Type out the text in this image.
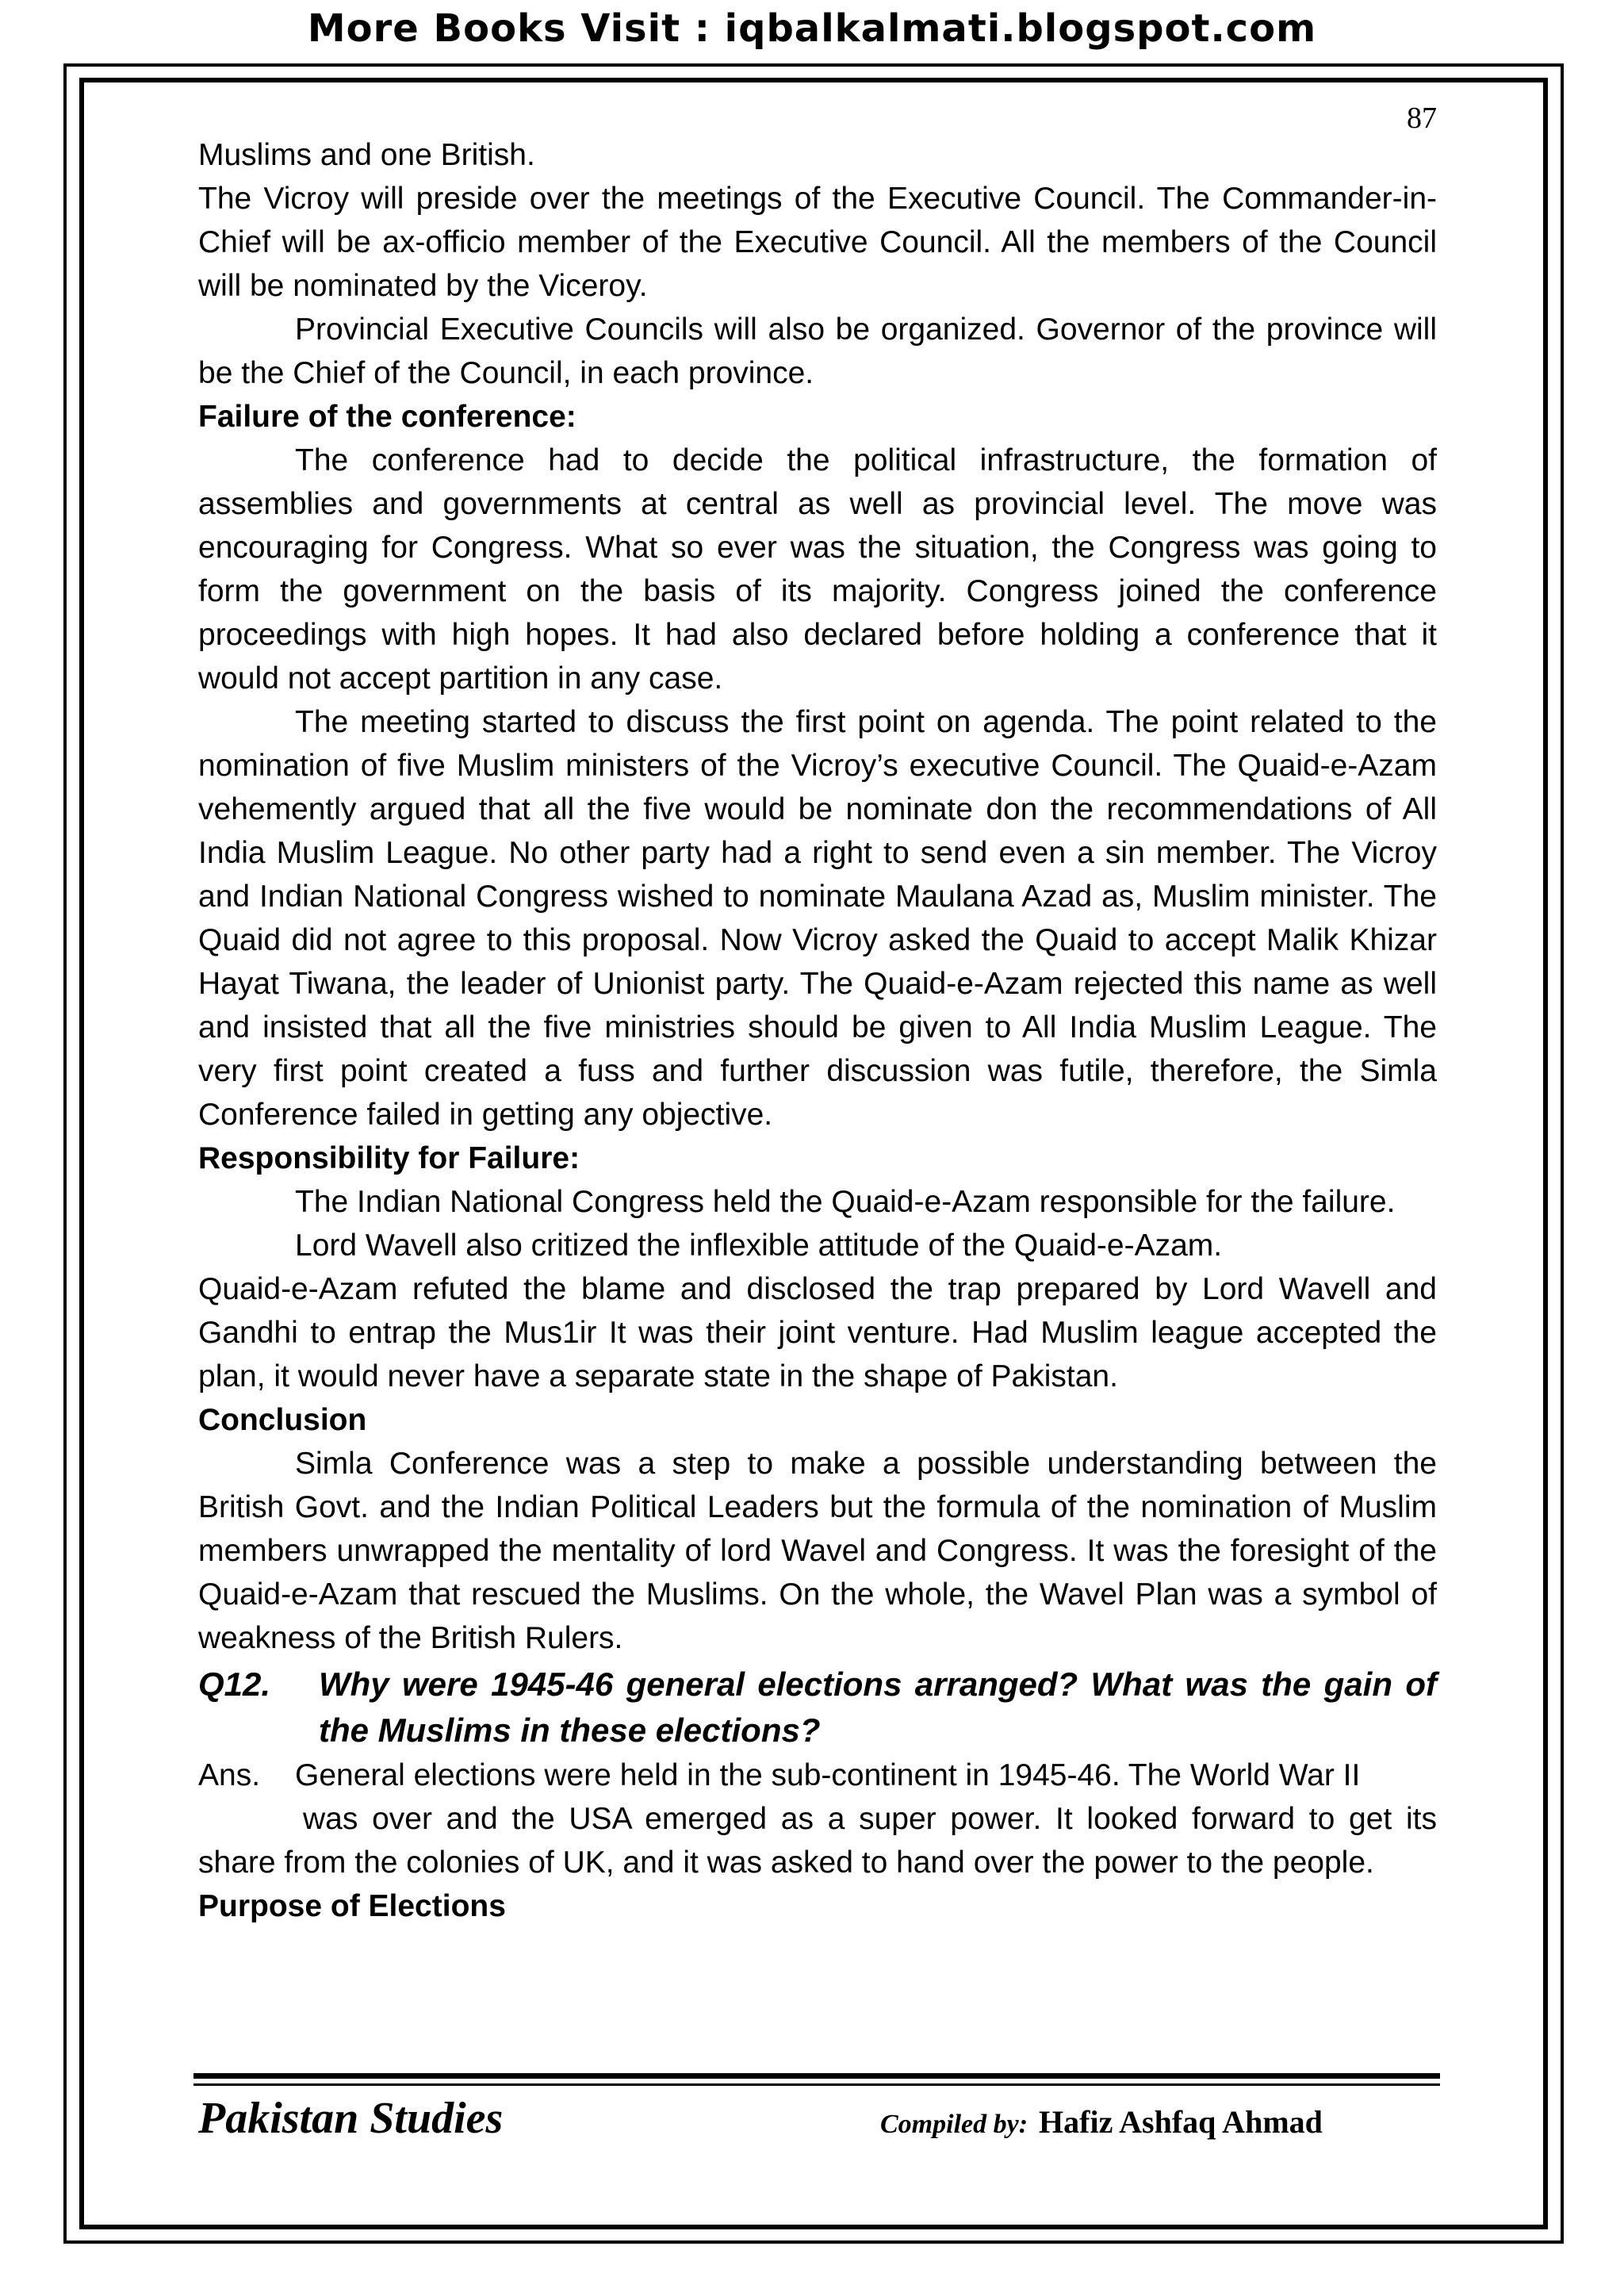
More Books Visit : iqbalkalmati.blogspot.com
87

Muslims and one British.

The Vicroy will preside over the meetings of the Executive Council. The Commander-in-Chief will be ax-officio member of the Executive Council. All the members of the Council will be nominated by the Viceroy.

Provincial Executive Councils will also be organized. Governor of the province will be the Chief of the Council, in each province.

Failure of the conference:

The conference had to decide the political infrastructure, the formation of assemblies and governments at central as well as provincial level. The move was encouraging for Congress. What so ever was the situation, the Congress was going to form the government on the basis of its majority. Congress joined the conference proceedings with high hopes. It had also declared before holding a conference that it would not accept partition in any case.

The meeting started to discuss the first point on agenda. The point related to the nomination of five Muslim ministers of the Vicroy’s executive Council. The Quaid-e-Azam vehemently argued that all the five would be nominate don the recommendations of All India Muslim League. No other party had a right to send even a sin member. The Vicroy and Indian National Congress wished to nominate Maulana Azad as, Muslim minister. The Quaid did not agree to this proposal. Now Vicroy asked the Quaid to accept Malik Khizar Hayat Tiwana, the leader of Unionist party. The Quaid-e-Azam rejected this name as well and insisted that all the five ministries should be given to All India Muslim League. The very first point created a fuss and further discussion was futile, therefore, the Simla Conference failed in getting any objective.

Responsibility for Failure:

The Indian National Congress held the Quaid-e-Azam responsible for the failure.

Lord Wavell also critized the inflexible attitude of the Quaid-e-Azam.

Quaid-e-Azam refuted the blame and disclosed the trap prepared by Lord Wavell and Gandhi to entrap the Mus1ir It was their joint venture. Had Muslim league accepted the plan, it would never have a separate state in the shape of Pakistan.

Conclusion

Simla Conference was a step to make a possible understanding between the British Govt. and the Indian Political Leaders but the formula of the nomination of Muslim members unwrapped the mentality of lord Wavel and Congress. It was the foresight of the Quaid-e-Azam that rescued the Muslims. On the whole, the Wavel Plan was a symbol of weakness of the British Rulers.

Q12.	Why were 1945-46 general elections arranged? What was the gain of the Muslims in these elections?
Ans.	General elections were held in the sub-continent in 1945-46. The World War II

was over and the USA emerged as a super power. It looked forward to get its share from the colonies of UK, and it was asked to hand over the power to the people.

Purpose of Elections
Pakistan Studies	Compiled by: Hafiz Ashfaq Ahmad
